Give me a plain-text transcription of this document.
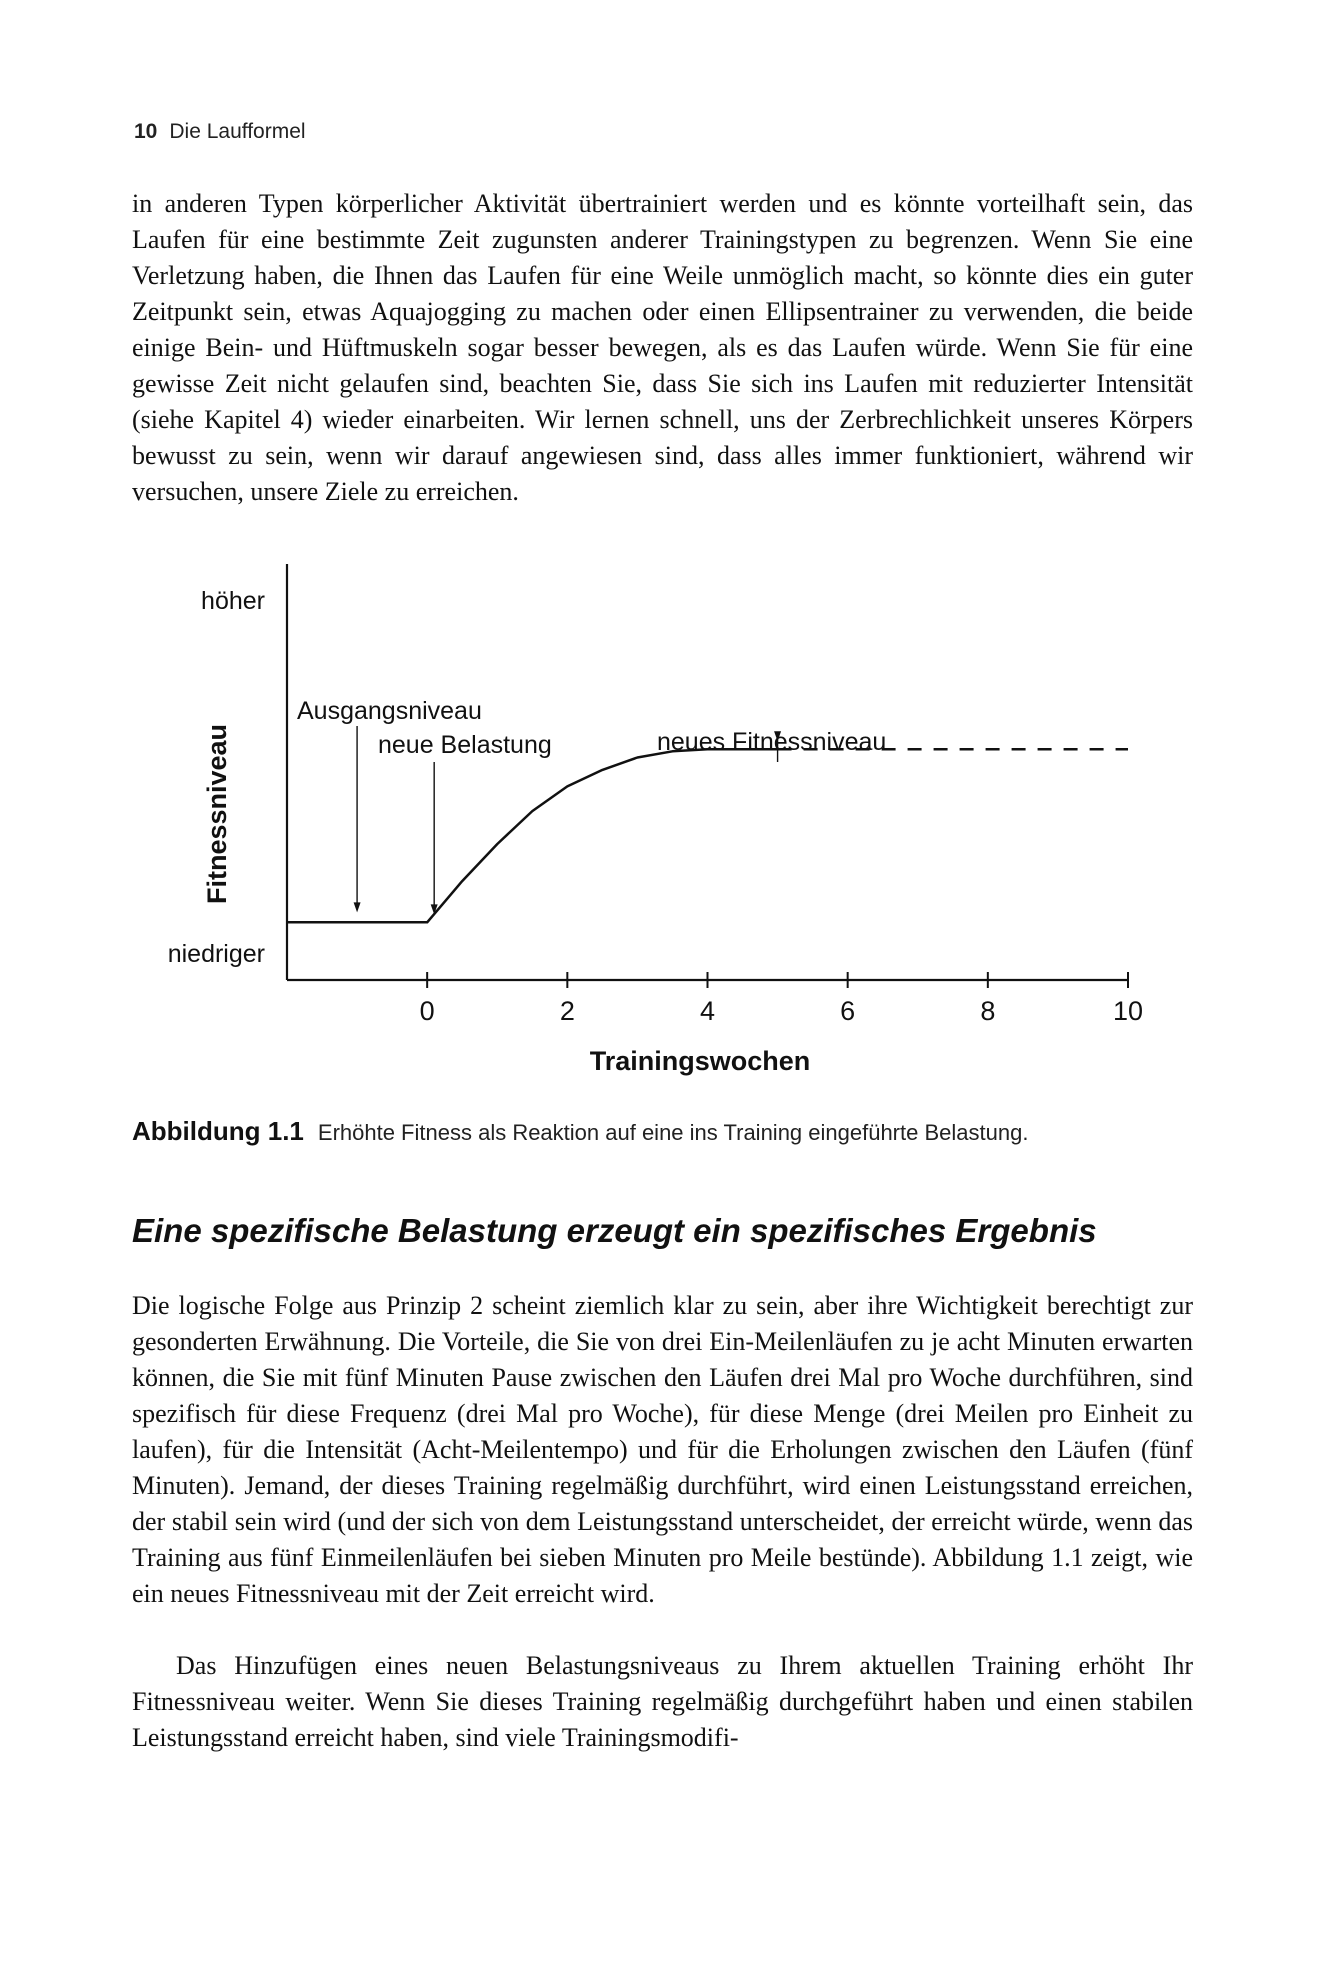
10 Die Laufformel

in anderen Typen körperlicher Aktivität übertrainiert werden und es könnte vorteilhaft sein, das Laufen für eine bestimmte Zeit zugunsten anderer Trainingstypen zu begrenzen. Wenn Sie eine Verletzung haben, die Ihnen das Laufen für eine Weile unmöglich macht, so könnte dies ein guter Zeitpunkt sein, etwas Aquajogging zu machen oder einen Ellipsentrainer zu verwenden, die beide einige Bein- und Hüftmuskeln sogar besser bewegen, als es das Laufen würde. Wenn Sie für eine gewisse Zeit nicht gelaufen sind, beachten Sie, dass Sie sich ins Laufen mit reduzierter Intensität (siehe Kapitel 4) wieder einarbeiten. Wir lernen schnell, uns der Zerbrechlichkeit unseres Körpers bewusst zu sein, wenn wir darauf angewiesen sind, dass alles immer funktioniert, während wir versuchen, unsere Ziele zu erreichen.

0	2	4	6	8	10
Ausgangsniveau
neue Belastung	neues Fitnessniveau
höher
niedriger
Fitnessniveau
Trainingswochen
Abbildung 1.1 Erhöhte Fitness als Reaktion auf eine ins Training eingeführte Belastung.
Eine spezifische Belastung erzeugt ein spezifisches Ergebnis

Die logische Folge aus Prinzip 2 scheint ziemlich klar zu sein, aber ihre Wichtigkeit berechtigt zur gesonderten Erwähnung. Die Vorteile, die Sie von drei Ein-Meilenläufen zu je acht Minuten erwarten können, die Sie mit fünf Minuten Pause zwischen den Läufen drei Mal pro Woche durchführen, sind spezifisch für diese Frequenz (drei Mal pro Woche), für diese Menge (drei Meilen pro Einheit zu laufen), für die Intensität (Acht-Meilentempo) und für die Erholungen zwischen den Läufen (fünf Minuten). Jemand, der dieses Training regelmäßig durchführt, wird einen Leistungsstand erreichen, der stabil sein wird (und der sich von dem Leistungsstand unterscheidet, der erreicht würde, wenn das Training aus fünf Einmeilenläufen bei sieben Minuten pro Meile bestünde). Abbildung 1.1 zeigt, wie ein neues Fitnessniveau mit der Zeit erreicht wird.

Das Hinzufügen eines neuen Belastungsniveaus zu Ihrem aktuellen Training erhöht Ihr Fitnessniveau weiter. Wenn Sie dieses Training regelmäßig durchgeführt haben und einen stabilen Leistungsstand erreicht haben, sind viele Trainingsmodifi-
